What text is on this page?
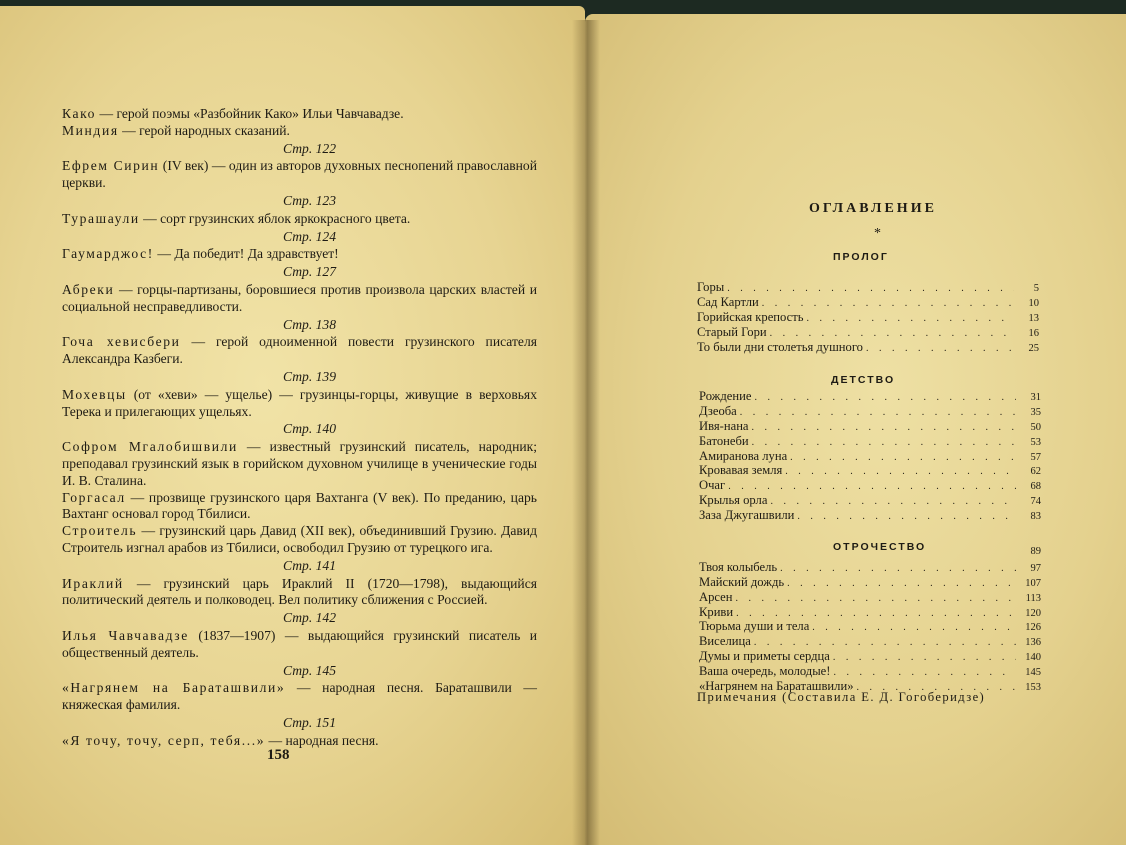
Како — герой поэмы «Разбойник Како» Ильи Чавчавадзе.

Миндия — герой народных сказаний.

Стр. 122

Ефрем Сирин (IV век) — один из авторов духовных песнопений православной церкви.

Стр. 123

Турашаули — сорт грузинских яблок яркокрасного цвета.

Стр. 124

Гаумарджос! — Да победит! Да здравствует!

Стр. 127

Абреки — горцы-партизаны, боровшиеся против произвола царских властей и социальной несправедливости.

Стр. 138

Гоча хевисбери — герой одноименной повести грузинского писателя Александра Казбеги.

Стр. 139

Мохевцы (от «хеви» — ущелье) — грузинцы-горцы, живущие в верховьях Терека и прилегающих ущельях.

Стр. 140

Софром Мгалобишвили — известный грузинский писатель, народник; преподавал грузинский язык в горийском духовном училище в ученические годы И. В. Сталина.

Горгасал — прозвище грузинского царя Вахтанга (V век). По преданию, царь Вахтанг основал город Тбилиси.

Строитель — грузинский царь Давид (XII век), объединивший Грузию. Давид Строитель изгнал арабов из Тбилиси, освободил Грузию от турецкого ига.

Стр. 141

Ираклий — грузинский царь Ираклий II (1720—1798), выдающийся политический деятель и полководец. Вел политику сближения с Россией.

Стр. 142

Илья Чавчавадзе (1837—1907) — выдающийся грузинский писатель и общественный деятель.

Стр. 145

«Нагрянем на Бараташвили» — народная песня. Бараташвили — княжеская фамилия.

Стр. 151

«Я точу, точу, серп, тебя...» — народная песня.

158
ОГЛАВЛЕНИЕ
*
ПРОЛОГ
Горы . . .	5
Сад Картли . . .	10
Горийская крепость . . .	13
Старый Гори . . .	16
То были дни столетья душного . . .	25
ДЕТСТВО
Рождение . . .	31
Дзеоба . . .	35
Ивя-нана . . .	50
Батонеби . . .	53
Амиранова луна . . .	57
Кровавая земля . . .	62
Очаг . . .	68
Крылья орла . . .	74
Заза Джугашвили . . .	83
ОТРОЧЕСТВО	89
Твоя колыбель . . .	97
Майский дождь . . .	107
Арсен . . .	113
Криви . . .	120
Тюрьма души и тела . . .	126
Виселица . . .	136
Думы и приметы сердца . . .	140
Ваша очередь, молодые! . . .	145
«Нагрянем на Бараташвили» . . .	153
Примечания (Составила Е. Д. Гогоберидзе)
